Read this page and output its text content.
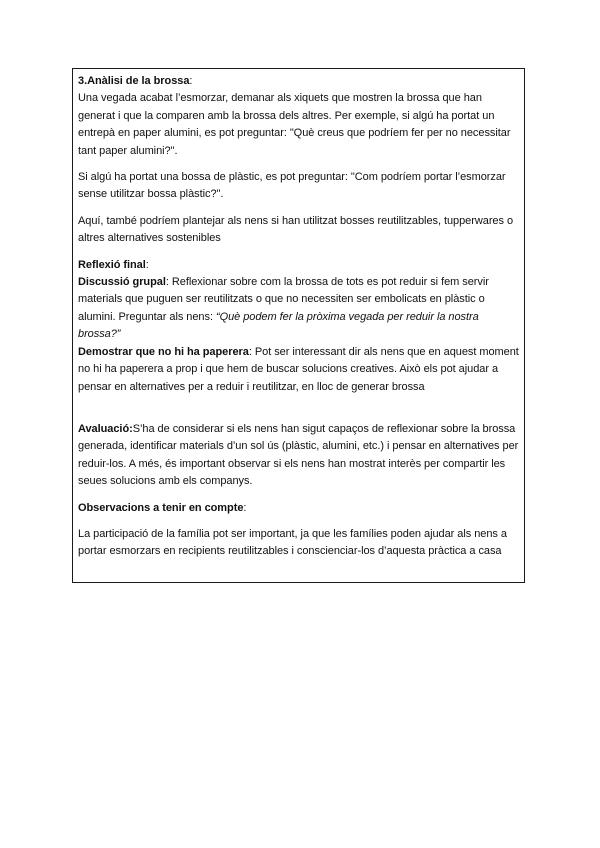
3.Anàlisi de la brossa:

Una vegada acabat l’esmorzar, demanar als xiquets que mostren la brossa que han generat i que la comparen amb la brossa dels altres. Per exemple, si algú ha portat un entrepà en paper alumini, es pot preguntar: "Què creus que podríem fer per no necessitar tant paper alumini?".

Si algú ha portat una bossa de plàstic, es pot preguntar: "Com podríem portar l’esmorzar sense utilitzar bossa plàstic?".

Aquí, també podríem plantejar als nens si han utilitzat bosses reutilitzables, tupperwares o altres alternatives sostenibles

Reflexió final:

Discussió grupal: Reflexionar sobre com la brossa de tots es pot reduir si fem servir materials que puguen ser reutilitzats o que no necessiten ser embolicats en plàstic o alumini. Preguntar als nens: “Què podem fer la pròxima vegada per reduir la nostra brossa?”

Demostrar que no hi ha paperera: Pot ser interessant dir als nens que en aquest moment no hi ha paperera a prop i que hem de buscar solucions creatives. Això els pot ajudar a pensar en alternatives per a reduir i reutilitzar, en lloc de generar brossa

Avaluació:S’ha de considerar si els nens han sigut capaços de reflexionar sobre la brossa generada, identificar materials d’un sol ús (plàstic, alumini, etc.) i pensar en alternatives per reduir-los. A més, és important observar si els nens han mostrat interès per compartir les seues solucions amb els companys.

Observacions a tenir en compte:

La participació de la família pot ser important, ja que les famílies poden ajudar als nens a portar esmorzars en recipients reutilitzables i conscienciar-los d’aquesta pràctica a casa
